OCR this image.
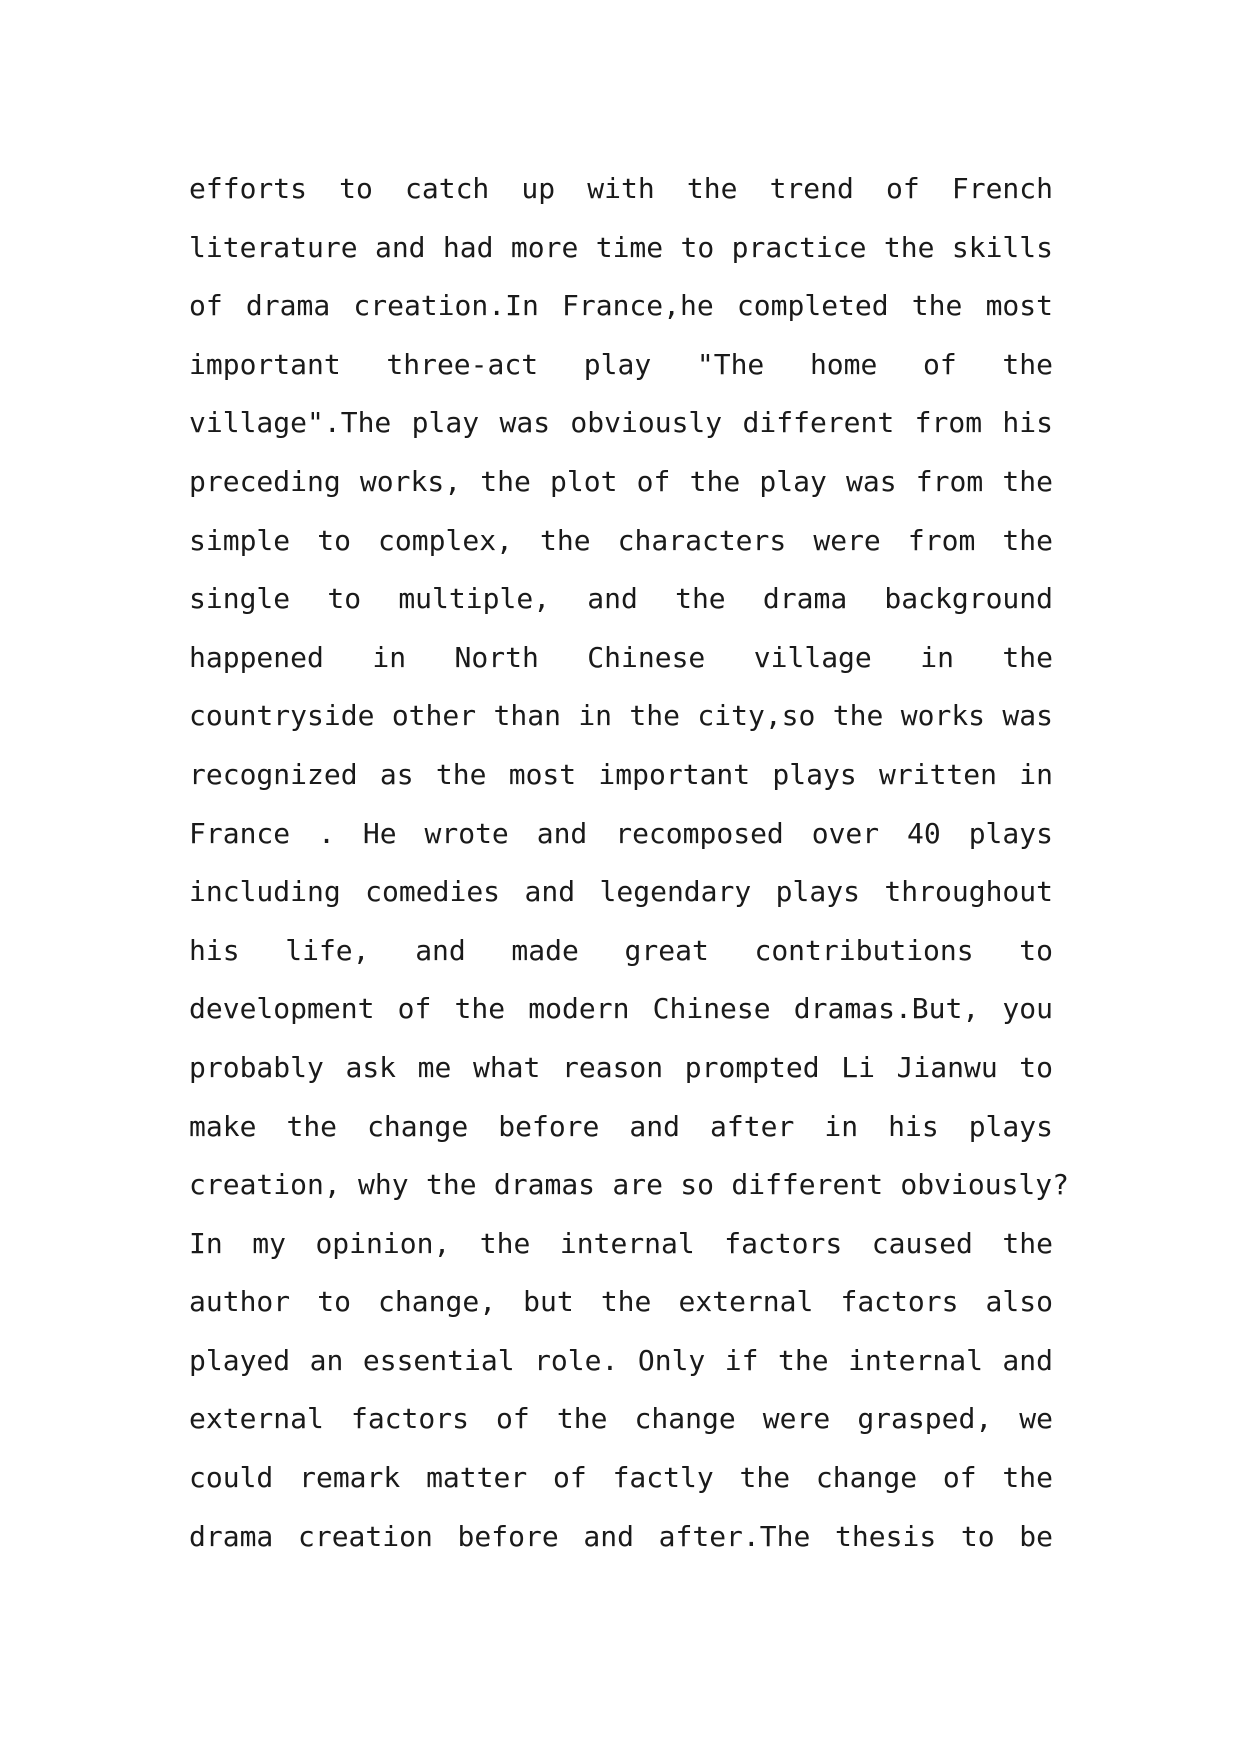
efforts to catch up with the trend of French
literature and had more time to practice the skills
of drama creation.In France,he completed the most
important three-act play "The home of the
village".The play was obviously different from his
preceding works, the plot of the play was from the
simple to complex, the characters were from the
single to multiple, and the drama background
happened in North Chinese village in the
countryside other than in the city,so the works was
recognized as the most important plays written in
France . He wrote and recomposed over 40 plays
including comedies and legendary plays throughout
his life, and made great contributions to
development of the modern Chinese dramas.But, you
probably ask me what reason prompted Li Jianwu to
make the change before and after in his plays
creation, why the dramas are so different obviously?
In my opinion, the internal factors caused the
author to change, but the external factors also
played an essential role. Only if the internal and
external factors of the change were grasped, we
could remark matter of factly the change of the
drama creation before and after.The thesis to be
